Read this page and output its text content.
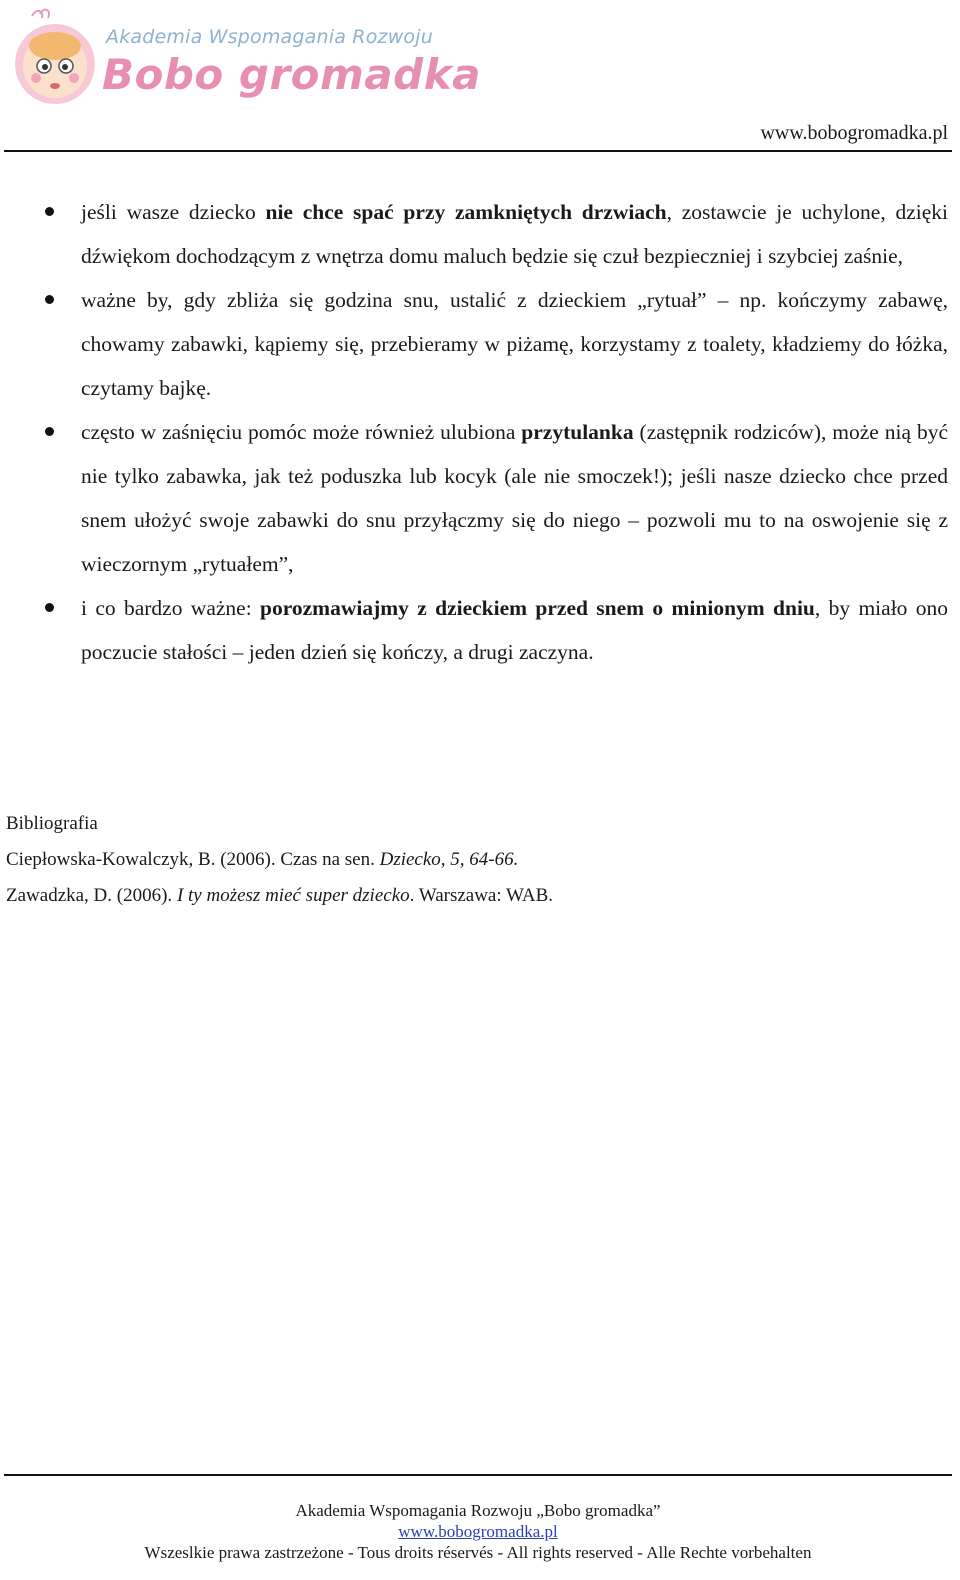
Akademia Wspomagania Rozwoju
Bobo gromadka
www.bobogromadka.pl
jeśli wasze dziecko nie chce spać przy zamkniętych drzwiach, zostawcie je uchylone, dzięki dźwiękom dochodzącym z wnętrza domu maluch będzie się czuł bezpieczniej i szybciej zaśnie,
ważne by, gdy zbliża się godzina snu, ustalić z dzieckiem „rytuał” – np. kończymy zabawę, chowamy zabawki, kąpiemy się, przebieramy w piżamę, korzystamy z toalety, kładziemy do łóżka, czytamy bajkę.
często w zaśnięciu pomóc może również ulubiona przytulanka (zastępnik rodziców), może nią być nie tylko zabawka, jak też poduszka lub kocyk (ale nie smoczek!); jeśli nasze dziecko chce przed snem ułożyć swoje zabawki do snu przyłączmy się do niego – pozwoli mu to na oswojenie się z wieczornym „rytuałem”,
i co bardzo ważne: porozmawiajmy z dzieckiem przed snem o minionym dniu, by miało ono poczucie stałości – jeden dzień się kończy, a drugi zaczyna.
Bibliografia
Ciepłowska-Kowalczyk, B. (2006). Czas na sen. Dziecko, 5, 64-66.
Zawadzka, D. (2006). I ty możesz mieć super dziecko. Warszawa: WAB.
Akademia Wspomagania Rozwoju „Bobo gromadka”
www.bobogromadka.pl
Wszeslkie prawa zastrzeżone - Tous droits réservés - All rights reserved - Alle Rechte vorbehalten
